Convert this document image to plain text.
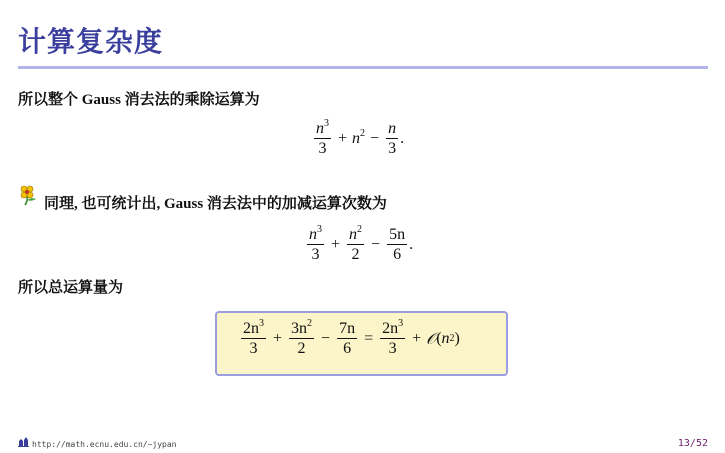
计算复杂度
所以整个 Gauss 消去法的乘除运算为
$\frac{n^3}{3} + n^2 - \frac{n}{3}$ .
同理, 也可统计出, Gauss 消去法中的加减运算次数为
$\frac{n^3}{3} + \frac{n^2}{2} - \frac{5n}{6}$ .
所以总运算量为
$\frac{2n^3}{3} + \frac{3n^2}{2} - \frac{7n}{6} = \frac{2n^3}{3}$ + 𝒪 ( n 2 )
http://math.ecnu.edu.cn/~jypan	13/52
